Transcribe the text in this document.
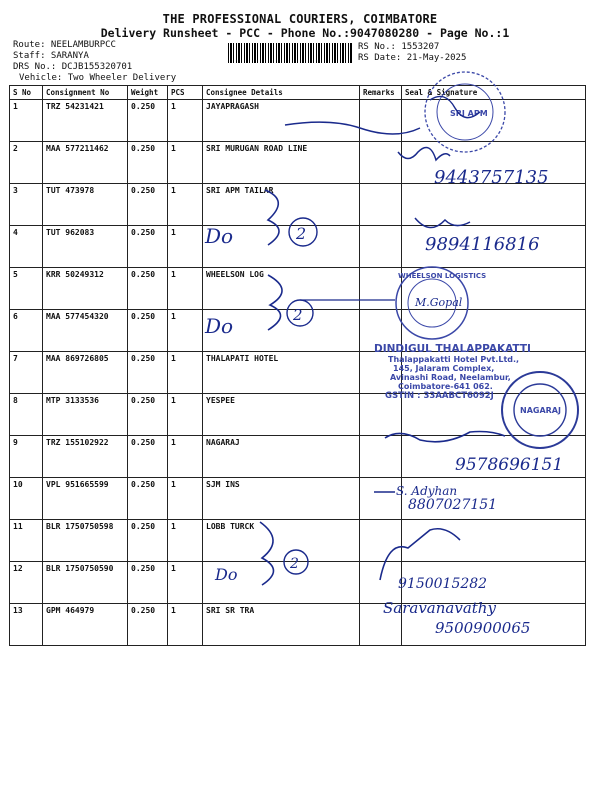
THE PROFESSIONAL COURIERS, COIMBATORE
Delivery Runsheet - PCC - Phone No.:9047080280 - Page No.:1
Route: NEELAMBURPCC
Staff: SARANYA
DRS No.: DCJB155320701
Vehicle: Two Wheeler Delivery
RS No.: 1553207
RS Date: 21-May-2025
S No	Consignment No	Weight	PCS	Consignee Details	Remarks	Seal & Signature
1	TRZ 54231421	0.250	1	JAYAPRAGASH		
2	MAA 577211462	0.250	1	SRI MURUGAN ROAD LINE		
3	TUT 473978	0.250	1	SRI APM TAILAR		
4	TUT 962083	0.250	1			
5	KRR 50249312	0.250	1	WHEELSON LOG		
6	MAA 577454320	0.250	1			
7	MAA 869726805	0.250	1	THALAPATI HOTEL		
8	MTP 3133536	0.250	1	YESPEE		
9	TRZ 155102922	0.250	1	NAGARAJ		
10	VPL 951665599	0.250	1	SJM INS		
11	BLR 1750750598	0.250	1	LOBB TURCK		
12	BLR 1750750590	0.250	1			
13	GPM 464979	0.250	1	SRI SR TRA		
SRI APM
9443757135
Do	2
9894116816
2
Do
WHEELSON LOGISTICS
M.Gopal
DINDIGUL THALAPPAKATTI
Thalappakatti Hotel Pvt.Ltd.,
145, Jalaram Complex,
Avinashi Road, Neelambur,
Coimbatore-641 062.
GSTIN : 33AABCT6092J
NAGARAJ
9578696151
S. Adyhan
8807027151
2
Do	9150015282
Saravanavathy
9500900065
